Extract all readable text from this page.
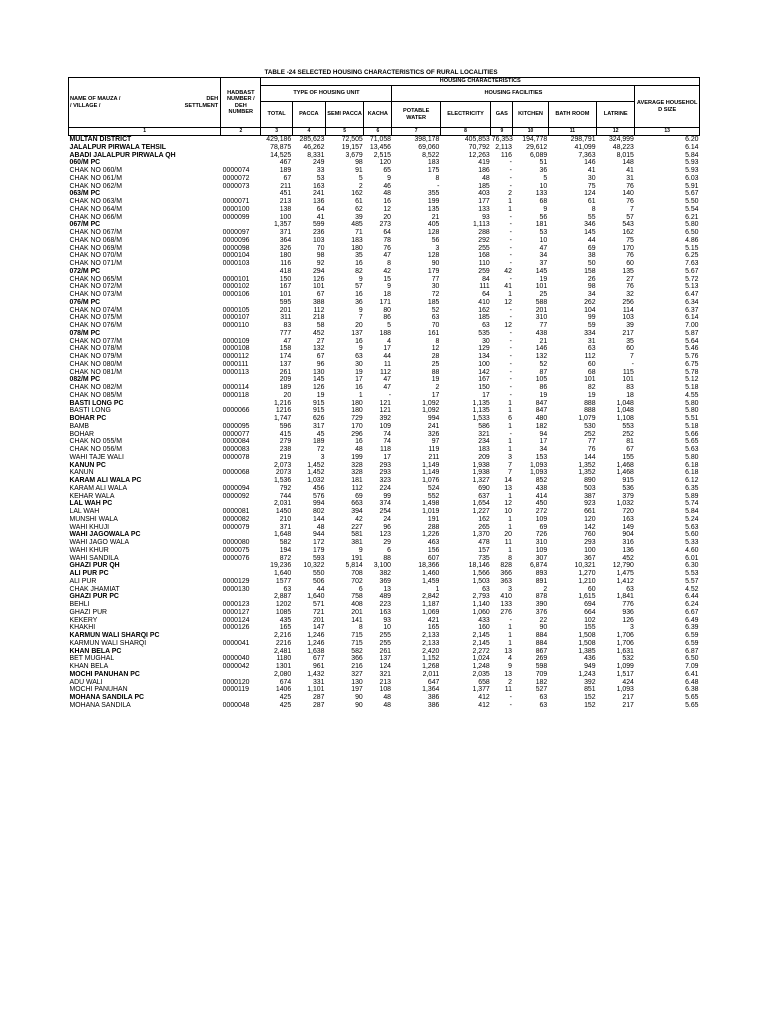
TABLE -24 SELECTED HOUSING CHARACTERISTICS OF RURAL LOCALITIES
NAME OF MAUZA /
/ VILLAGE /
DEH
SETTLMENT	HADBAST NUMBER / DEH NUMBER	HOUSING CHARACTERISTICS										
		TYPE OF HOUSING UNIT				HOUSING FACILITIES						AVERAGE HOUSEHOL D SIZE
		TOTAL	PACCA	SEMI PACCA	KACHA	POTABLE WATER	ELECTRICITY	GAS	KITCHEN	BATH ROOM	LATRINE	
1	2	3	4	5	6	7	8	9	10	11	12	13
MULTAN DISTRICT		429,186	285,623	72,505	71,058	398,178	405,853	76,353	194,778	298,791	324,999	6.20
JALALPUR PIRWALA TEHSIL		78,875	46,262	19,157	13,456	69,060	70,792	2,113	29,612	41,099	48,223	6.14
ABADI JALALPUR PIRWALA QH		14,525	8,331	3,679	2,515	8,522	12,263	116	6,089	7,363	8,015	5.84
060/M PC		467	249	98	120	183	419	-	51	146	148	5.93
CHAK NO 060/M	0000074	189	33	91	65	175	186	-	36	41	41	5.93
CHAK NO 061/M	0000072	67	53	5	9	8	48	-	5	30	31	6.03
CHAK NO 062/M	0000073	211	163	2	46	-	185	-	10	75	76	5.91
063/M PC		451	241	162	48	355	403	2	133	124	140	5.67
CHAK NO 063/M	0000071	213	136	61	16	199	177	1	68	61	76	5.50
CHAK NO 064/M	0000100	138	64	62	12	135	133	1	9	8	7	5.54
CHAK NO 066/M	0000099	100	41	39	20	21	93	-	56	55	57	6.21
067/M PC		1,357	599	485	273	405	1,113	-	181	346	543	5.80
CHAK NO 067/M	0000097	371	236	71	64	128	288	-	53	145	162	6.50
CHAK NO 068/M	0000096	364	103	183	78	56	292	-	10	44	75	4.86
CHAK NO 069/M	0000098	326	70	180	76	3	255	-	47	69	170	5.15
CHAK NO 070/M	0000104	180	98	35	47	128	168	-	34	38	76	6.25
CHAK NO 071/M	0000103	116	92	16	8	90	110	-	37	50	60	7.63
072/M PC		418	294	82	42	179	259	42	145	158	135	5.67
CHAK NO 065/M	0000101	150	126	9	15	77	84	-	19	26	27	5.72
CHAK NO 072/M	0000102	167	101	57	9	30	111	41	101	98	76	5.13
CHAK NO 073/M	0000106	101	67	16	18	72	64	1	25	34	32	6.47
076/M PC		595	388	36	171	185	410	12	588	262	256	6.34
CHAK NO 074/M	0000105	201	112	9	80	52	162	-	201	104	114	6.37
CHAK NO 075/M	0000107	311	218	7	86	63	185	-	310	99	103	6.14
CHAK NO 076/M	0000110	83	58	20	5	70	63	12	77	59	39	7.00
078/M PC		777	452	137	188	161	535	-	438	334	217	5.87
CHAK NO 077/M	0000109	47	27	16	4	8	30	-	21	31	35	5.64
CHAK NO 078/M	0000108	158	132	9	17	12	129	-	146	63	60	5.46
CHAK NO 079/M	0000112	174	67	63	44	28	134	-	132	112	7	5.76
CHAK NO 080/M	0000111	137	96	30	11	25	100	-	52	60	-	6.75
CHAK NO 081/M	0000113	261	130	19	112	88	142	-	87	68	115	5.78
082/M PC		209	145	17	47	19	167	-	105	101	101	5.12
CHAK NO 082/M	0000114	189	126	16	47	2	150	-	86	82	83	5.18
CHAK NO 085/M	0000118	20	19	1	-	17	17	-	19	19	18	4.55
BASTI LONG PC		1,216	915	180	121	1,092	1,135	1	847	888	1,048	5.80
BASTI LONG	0000066	1216	915	180	121	1,092	1,135	1	847	888	1,048	5.80
BOHAR PC		1,747	626	729	392	994	1,533	6	480	1,079	1,108	5.51
BAMB	0000095	596	317	170	109	241	586	1	182	530	553	5.18
BOHAR	0000077	415	45	296	74	326	321	-	94	252	252	5.66
CHAK NO 055/M	0000084	279	189	16	74	97	234	1	17	77	81	5.65
CHAK NO 056/M	0000083	238	72	48	118	119	183	1	34	76	67	5.63
WAHI TAJE WALI	0000078	219	3	199	17	211	209	3	153	144	155	5.80
KANUN PC		2,073	1,452	328	293	1,149	1,938	7	1,093	1,352	1,468	6.18
KANUN	0000068	2073	1,452	328	293	1,149	1,938	7	1,093	1,352	1,468	6.18
KARAM ALI WALA PC		1,536	1,032	181	323	1,076	1,327	14	852	890	915	6.12
KARAM ALI WALA	0000094	792	456	112	224	524	690	13	438	503	536	6.35
KEHAR WALA	0000092	744	576	69	99	552	637	1	414	387	379	5.89
LAL WAH PC		2,031	994	663	374	1,498	1,654	12	450	923	1,032	5.74
LAL WAH	0000081	1450	802	394	254	1,019	1,227	10	272	661	720	5.84
MUNSHI WALA	0000082	210	144	42	24	191	162	1	109	120	163	5.24
WAHI KHUJI	0000079	371	48	227	96	288	265	1	69	142	149	5.63
WAHI JAGOWALA PC		1,648	944	581	123	1,226	1,370	20	726	760	904	5.60
WAHI JAGO WALA	0000080	582	172	381	29	463	478	11	310	293	316	5.33
WAHI KHUR	0000075	194	179	9	6	156	157	1	109	100	136	4.60
WAHI SANDILA	0000076	872	593	191	88	607	735	8	307	367	452	6.01
GHAZI PUR QH		19,236	10,322	5,814	3,100	18,366	18,146	828	6,874	10,321	12,790	6.30
ALI PUR PC		1,640	550	708	382	1,460	1,566	366	893	1,270	1,475	5.53
ALI PUR	0000129	1577	506	702	369	1,459	1,503	363	891	1,210	1,412	5.57
CHAK JHAMIAT	0000130	63	44	6	13	1	63	3	2	60	63	4.52
GHAZI PUR PC		2,887	1,640	758	489	2,842	2,793	410	878	1,615	1,841	6.44
BEHLI	0000123	1202	571	408	223	1,187	1,140	133	390	694	776	6.24
GHAZI PUR	0000127	1085	721	201	163	1,069	1,060	276	376	664	936	6.67
KEKERY	0000124	435	201	141	93	421	433	-	22	102	126	6.49
KHAKHI	0000126	165	147	8	10	165	160	1	90	155	3	6.39
KARMUN WALI SHARQI PC		2,216	1,246	715	255	2,133	2,145	1	884	1,508	1,706	6.59
KARMUN WALI SHARQI	0000041	2216	1,246	715	255	2,133	2,145	1	884	1,508	1,706	6.59
KHAN BELA PC		2,481	1,638	582	261	2,420	2,272	13	867	1,385	1,631	6.87
BET MUGHAL	0000040	1180	677	366	137	1,152	1,024	4	269	436	532	6.50
KHAN BELA	0000042	1301	961	216	124	1,268	1,248	9	598	949	1,099	7.09
MOCHI PANUHAN PC		2,080	1,432	327	321	2,011	2,035	13	709	1,243	1,517	6.41
ADU WALI	0000120	674	331	130	213	647	658	2	182	392	424	6.48
MOCHI PANUHAN	0000119	1406	1,101	197	108	1,364	1,377	11	527	851	1,093	6.38
MOHANA SANDILA PC		425	287	90	48	386	412	-	63	152	217	5.65
MOHANA SANDILA	0000048	425	287	90	48	386	412	-	63	152	217	5.65
